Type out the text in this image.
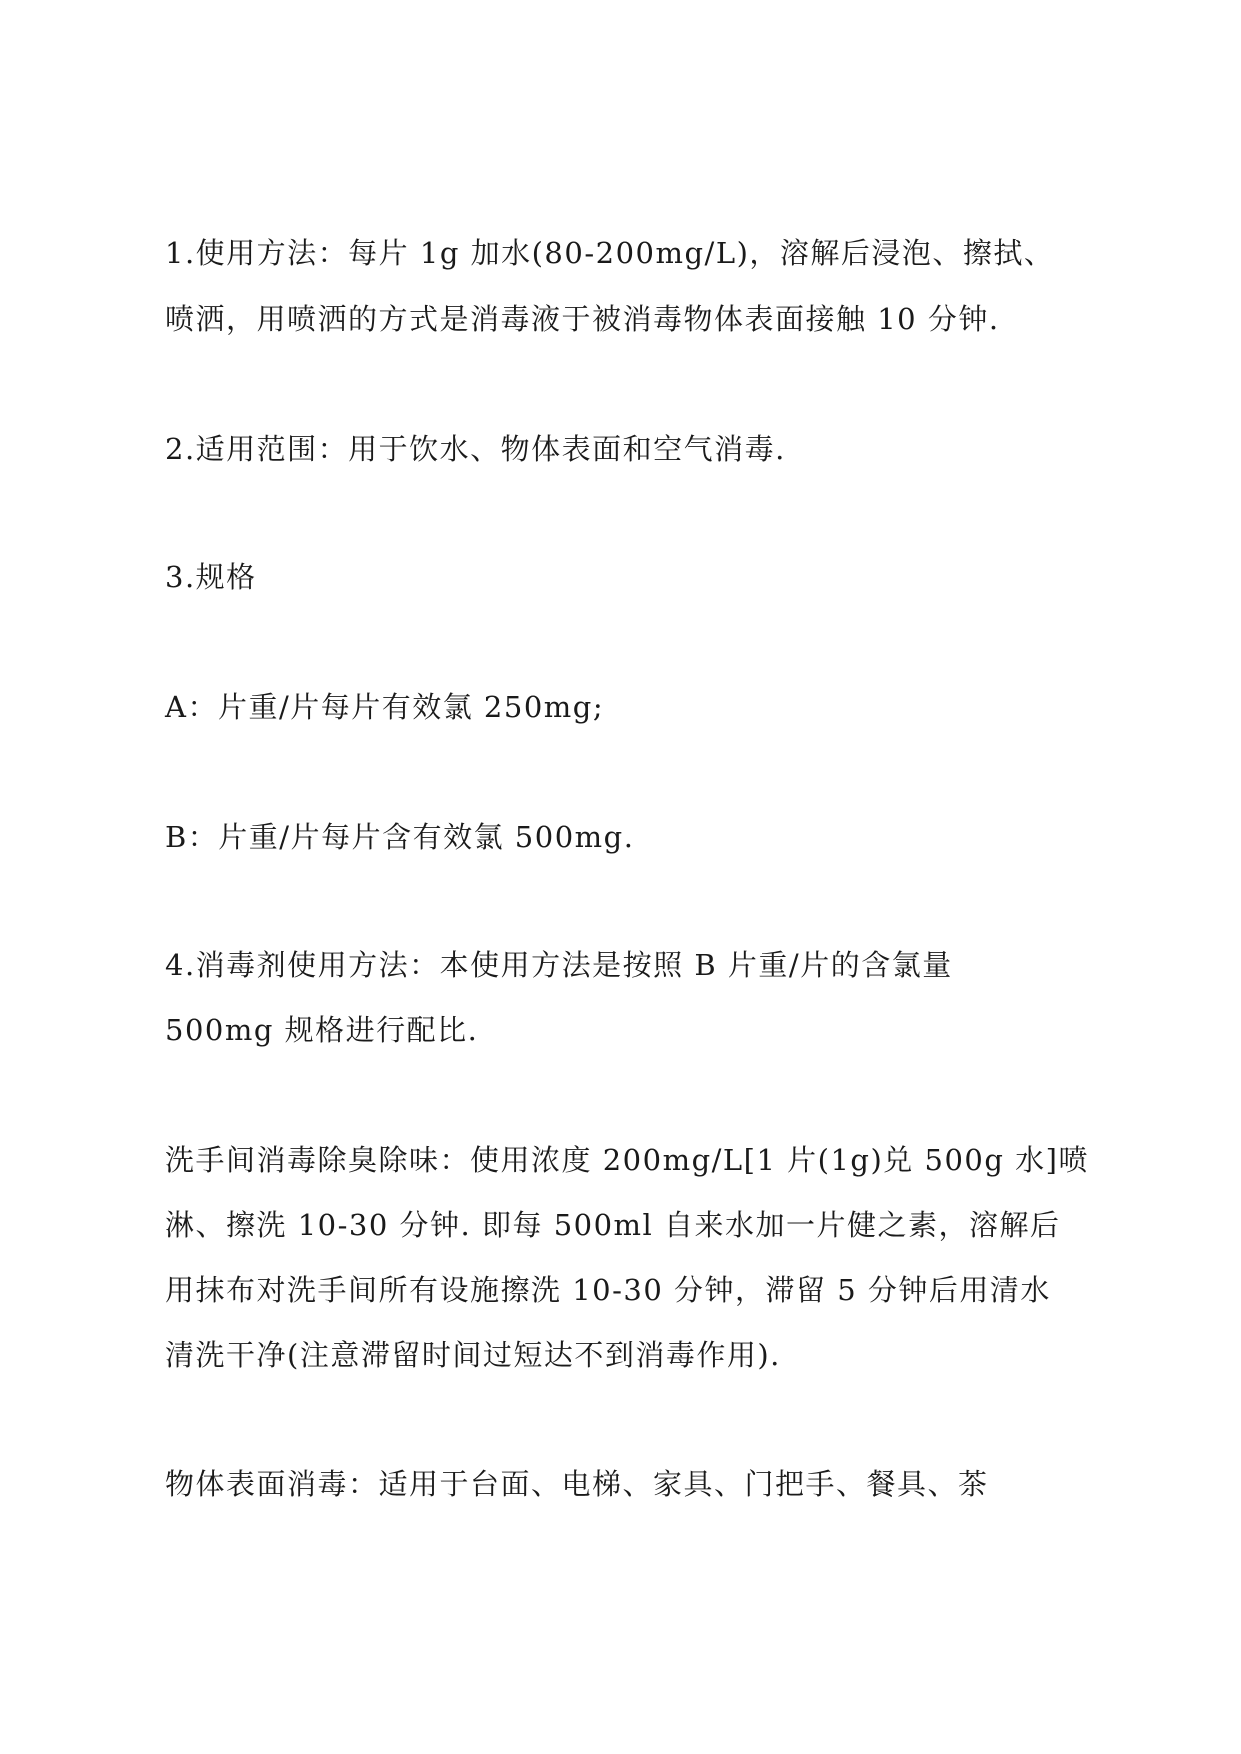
1.使用方法：每片 1g 加水(80-200mg/L)，溶解后浸泡、擦拭、
喷洒，用喷洒的方式是消毒液于被消毒物体表面接触 10 分钟.
2.适用范围：用于饮水、物体表面和空气消毒.
3.规格
A：片重/片每片有效氯 250mg;
B：片重/片每片含有效氯 500mg.
4.消毒剂使用方法：本使用方法是按照 B 片重/片的含氯量
500mg 规格进行配比.
洗手间消毒除臭除味：使用浓度 200mg/L[1 片(1g)兑 500g 水]喷
淋、擦洗 10-30 分钟. 即每 500ml 自来水加一片健之素，溶解后
用抹布对洗手间所有设施擦洗 10-30 分钟，滞留 5 分钟后用清水
清洗干净(注意滞留时间过短达不到消毒作用).
物体表面消毒：适用于台面、电梯、家具、门把手、餐具、茶
